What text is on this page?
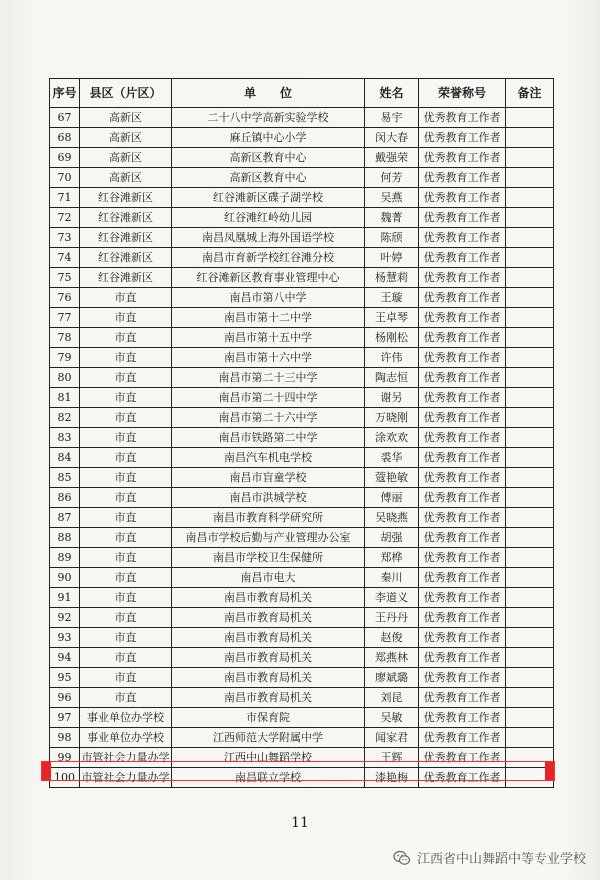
序号	县区（片区）	单　　位	姓名	荣誉称号	备注
67	高新区	二十八中学高新实验学校	易宇	优秀教育工作者	
68	高新区	麻丘镇中心小学	闵大春	优秀教育工作者	
69	高新区	高新区教育中心	戴强荣	优秀教育工作者	
70	高新区	高新区教育中心	何芳	优秀教育工作者	
71	红谷滩新区	红谷滩新区碟子湖学校	吴燕	优秀教育工作者	
72	红谷滩新区	红谷滩红岭幼儿园	魏菁	优秀教育工作者	
73	红谷滩新区	南昌凤凰城上海外国语学校	陈颀	优秀教育工作者	
74	红谷滩新区	南昌市育新学校红谷滩分校	叶婷	优秀教育工作者	
75	红谷滩新区	红谷滩新区教育事业管理中心	杨慧莉	优秀教育工作者	
76	市直	南昌市第八中学	王璇	优秀教育工作者	
77	市直	南昌市第十二中学	王卓琴	优秀教育工作者	
78	市直	南昌市第十五中学	杨刚松	优秀教育工作者	
79	市直	南昌市第十六中学	许伟	优秀教育工作者	
80	市直	南昌市第二十三中学	陶志恒	优秀教育工作者	
81	市直	南昌市第二十四中学	谢另	优秀教育工作者	
82	市直	南昌市第二十六中学	万晓刚	优秀教育工作者	
83	市直	南昌市铁路第二中学	涂欢欢	优秀教育工作者	
84	市直	南昌汽车机电学校	裘华	优秀教育工作者	
85	市直	南昌市盲童学校	蔻艳敏	优秀教育工作者	
86	市直	南昌市洪城学校	傅丽	优秀教育工作者	
87	市直	南昌市教育科学研究所	吴晓燕	优秀教育工作者	
88	市直	南昌市学校后勤与产业管理办公室	胡强	优秀教育工作者	
89	市直	南昌市学校卫生保健所	郑桦	优秀教育工作者	
90	市直	南昌市电大	秦川	优秀教育工作者	
91	市直	南昌市教育局机关	李道义	优秀教育工作者	
92	市直	南昌市教育局机关	王丹丹	优秀教育工作者	
93	市直	南昌市教育局机关	赵俊	优秀教育工作者	
94	市直	南昌市教育局机关	郑燕林	优秀教育工作者	
95	市直	南昌市教育局机关	廖斌璐	优秀教育工作者	
96	市直	南昌市教育局机关	刘昆	优秀教育工作者	
97	事业单位办学校	市保育院	吴敏	优秀教育工作者	
98	事业单位办学校	江西师范大学附属中学	闻家君	优秀教育工作者	
99	市管社会力量办学	江西中山舞蹈学校	王辉	优秀教育工作者	
100	市管社会力量办学	南昌联立学校	漆艳梅	优秀教育工作者	
11
江西省中山舞蹈中等专业学校
